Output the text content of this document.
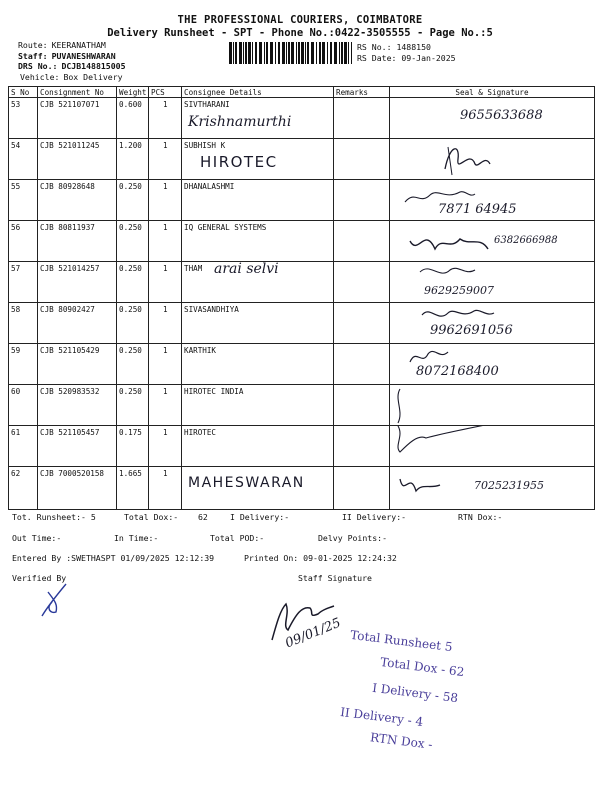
THE PROFESSIONAL COURIERS, COIMBATORE
Delivery Runsheet - SPT - Phone No.:0422-3505555 - Page No.:5
Route: KEERANATHAM
Staff: PUVANESHWARAN
DRS No.: DCJB148815005
Vehicle: Box Delivery
RS No.: 1488150
RS Date: 09-Jan-2025
S No	Consignment No	Weight	PCS	Consignee Details	Remarks	Seal & Signature
53	CJB 521107071	0.600	1	SIVTHARANI
Krishnamurthi		9655633688

54	CJB 521011245	1.200	1	SUBHISH K
HIROTEC

55	CJB 80928648	0.250	1	DHANALASHMI		7871 64945

56	CJB 80811937	0.250	1	IQ GENERAL SYSTEMS		6382666988

57	CJB 521014257	0.250	1	THAM arai selvi		9629259007

58	CJB 80902427	0.250	1	SIVASANDHIYA		9962691056

59	CJB 521105429	0.250	1	KARTHIK		8072168400

60	CJB 520983532	0.250	1	HIROTEC INDIA		

61	CJB 521105457	0.175	1	HIROTEC		

62	CJB 7000520158	1.665	1	MAHESWARAN		7025231955
Tot. Runsheet:- 5	Total Dox:-    62	I Delivery:-	II Delivery:-	RTN Dox:-
Out Time:-	In Time:-	Total POD:-	Delvy Points:-
Entered By :SWETHASPT 01/09/2025 12:12:39	Printed On: 09-01-2025 12:24:32
Verified By	Staff Signature
09/01/25 Total Runsheet 5
Total Dox - 62
I Delivery - 58
II Delivery - 4
RTN Dox -
